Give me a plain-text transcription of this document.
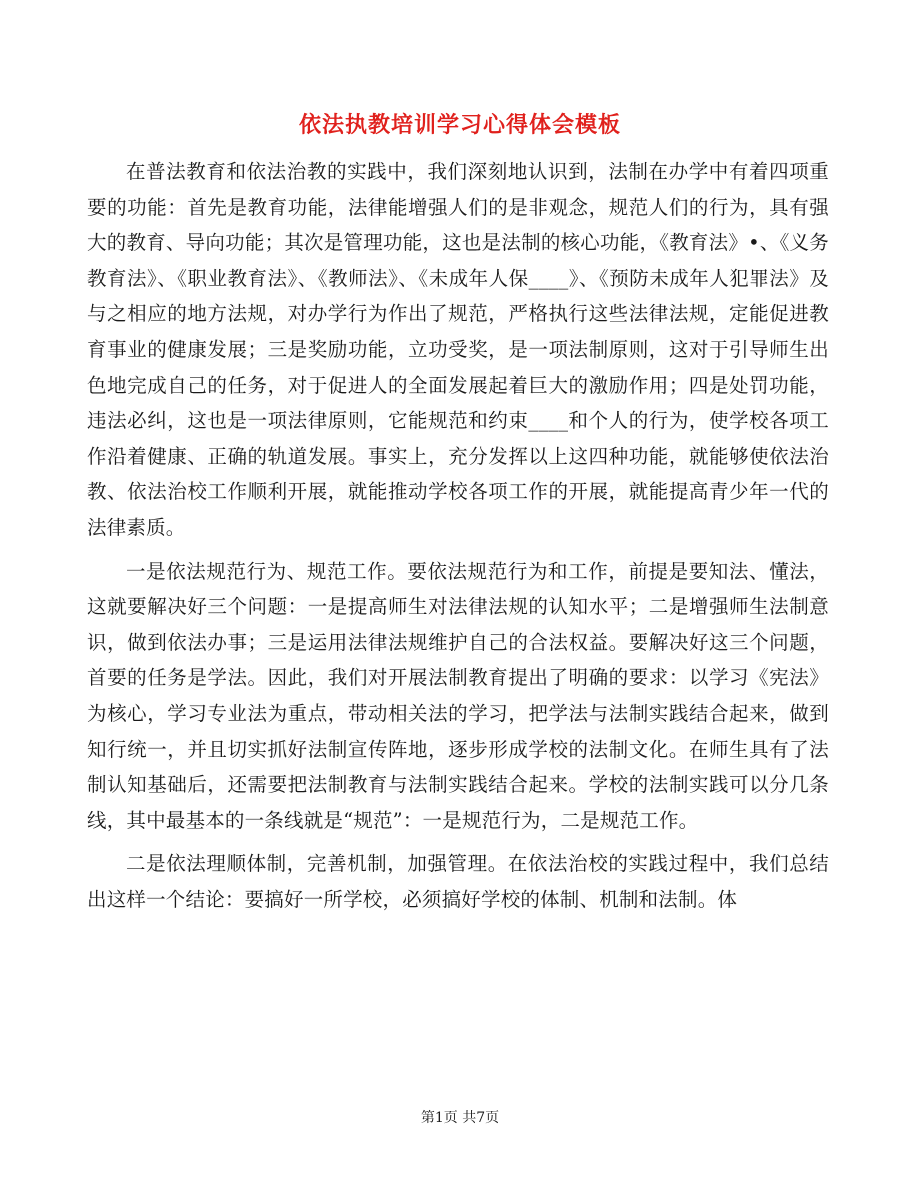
依法执教培训学习心得体会模板

在普法教育和依法治教的实践中，我们深刻地认识到，法制在办学中有着四项重要的功能：首先是教育功能，法律能增强人们的是非观念，规范人们的行为，具有强大的教育、导向功能；其次是管理功能，这也是法制的核心功能，《教育法》•、《义务教育法》、《职业教育法》、《教师法》、《未成年人保____》、《预防未成年人犯罪法》及与之相应的地方法规，对办学行为作出了规范，严格执行这些法律法规，定能促进教育事业的健康发展；三是奖励功能，立功受奖，是一项法制原则，这对于引导师生出色地完成自己的任务，对于促进人的全面发展起着巨大的激励作用；四是处罚功能，违法必纠，这也是一项法律原则，它能规范和约束____和个人的行为，使学校各项工作沿着健康、正确的轨道发展。事实上，充分发挥以上这四种功能，就能够使依法治教、依法治校工作顺利开展，就能推动学校各项工作的开展，就能提高青少年一代的法律素质。

一是依法规范行为、规范工作。要依法规范行为和工作，前提是要知法、懂法，这就要解决好三个问题：一是提高师生对法律法规的认知水平；二是增强师生法制意识，做到依法办事；三是运用法律法规维护自己的合法权益。要解决好这三个问题，首要的任务是学法。因此，我们对开展法制教育提出了明确的要求：以学习《宪法》为核心，学习专业法为重点，带动相关法的学习，把学法与法制实践结合起来，做到知行统一，并且切实抓好法制宣传阵地，逐步形成学校的法制文化。在师生具有了法制认知基础后，还需要把法制教育与法制实践结合起来。学校的法制实践可以分几条线，其中最基本的一条线就是“规范”：一是规范行为，二是规范工作。

二是依法理顺体制，完善机制，加强管理。在依法治校的实践过程中，我们总结出这样一个结论：要搞好一所学校，必须搞好学校的体制、机制和法制。体

第1页 共7页
